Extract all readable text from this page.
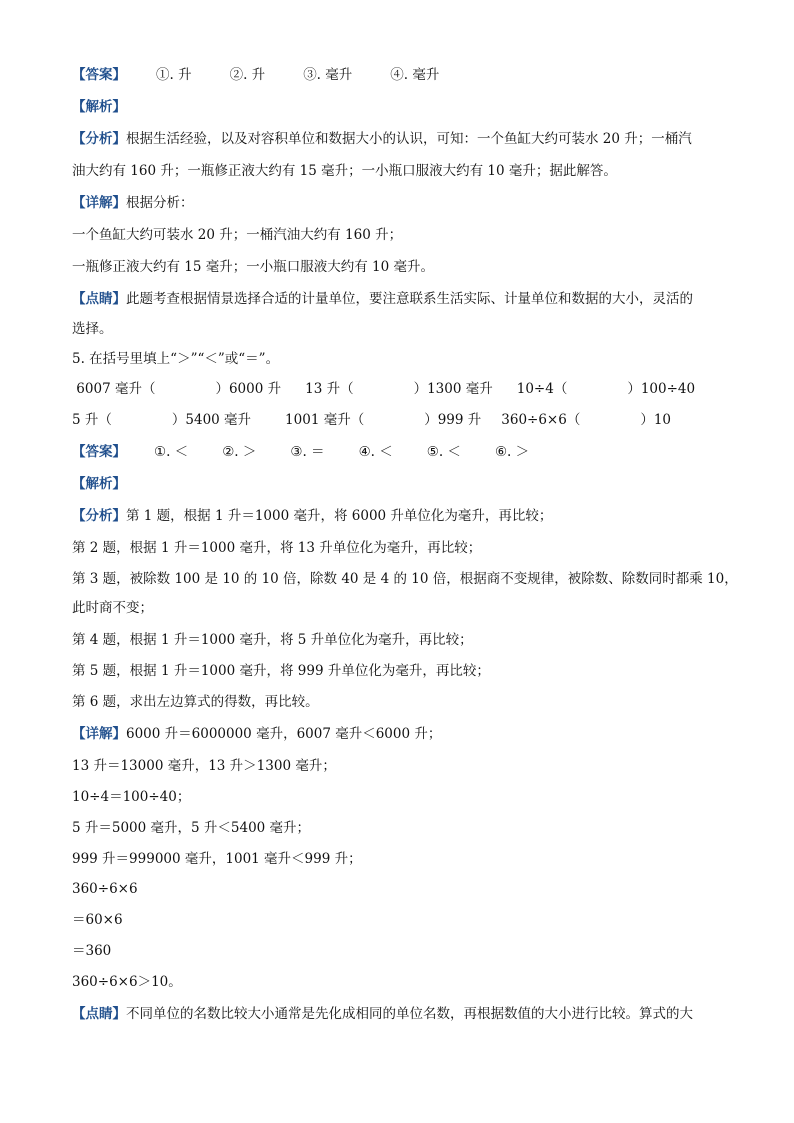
【答案】 ①. 升	②. 升	③. 毫升	④. 毫升
【解析】
【分析】根据生活经验，以及对容积单位和数据大小的认识，可知：一个鱼缸大约可装水 20 升；一桶汽
油大约有 160 升；一瓶修正液大约有 15 毫升；一小瓶口服液大约有 10 毫升；据此解答。
【详解】根据分析：
一个鱼缸大约可装水 20 升；一桶汽油大约有 160 升；
一瓶修正液大约有 15 毫升；一小瓶口服液大约有 10 毫升。
【点睛】此题考查根据情景选择合适的计量单位，要注意联系生活实际、计量单位和数据的大小，灵活的
选择。
5. 在括号里填上“＞”“＜”或“＝”。
6007 毫升（	）6000 升 13 升（	）1300 毫升 10÷4（	）100÷40
5 升（	）5400 毫升	1001 毫升（	）999 升 360÷6×6（	）10
【答案】 ①. ＜	②. ＞	③. ＝	④. ＜	⑤. ＜	⑥. ＞
【解析】
【分析】第 1 题，根据 1 升＝1000 毫升，将 6000 升单位化为毫升，再比较；
第 2 题，根据 1 升＝1000 毫升，将 13 升单位化为毫升，再比较；
第 3 题，被除数 100 是 10 的 10 倍，除数 40 是 4 的 10 倍，根据商不变规律，被除数、除数同时都乘 10，
此时商不变；
第 4 题，根据 1 升＝1000 毫升，将 5 升单位化为毫升，再比较；
第 5 题，根据 1 升＝1000 毫升，将 999 升单位化为毫升，再比较；
第 6 题，求出左边算式的得数，再比较。
【详解】6000 升＝6000000 毫升，6007 毫升＜6000 升；
13 升＝13000 毫升，13 升＞1300 毫升；
10÷4＝100÷40；
5 升＝5000 毫升，5 升＜5400 毫升；
999 升＝999000 毫升，1001 毫升＜999 升；
360÷6×6
＝60×6
＝360
360÷6×6＞10。
【点睛】不同单位的名数比较大小通常是先化成相同的单位名数，再根据数值的大小进行比较。算式的大
